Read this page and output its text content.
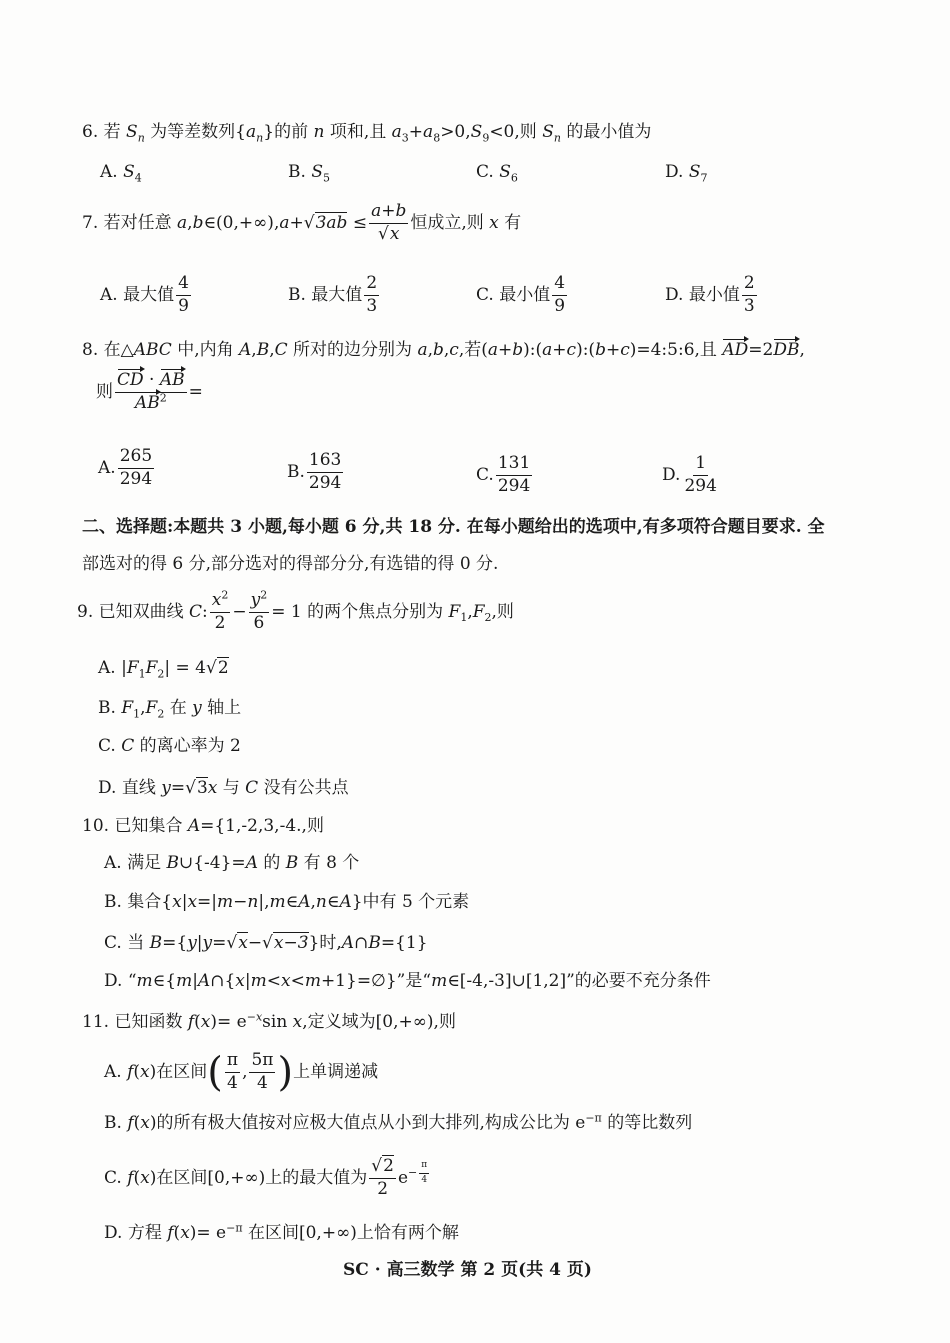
6. 若 $S_n$ 为等差数列$\{a_n\}$的前 n 项和,且 $a_3+a_8>0,S_9<0$,则 $S_n$ 的最小值为
A. $S_4$	B. $S_5$	C. $S_6$	D. $S_7$
7. 若对任意 a,b∈(0,+∞),a+√3ab ≤ $\frac{a+b}{√x}$ 恒成立,则 x 有
A. 最大值 $\frac{4}{9}$	B. 最大值 $\frac{2}{3}$	C. 最小值 $\frac{4}{9}$	D. 最小值 $\frac{2}{3}$
8. 在△ABC 中,内角 A,B,C 所对的边分别为 a,b,c,若(a+b):(a+c):(b+c)=4:5:6,且 AD=2DB,
则 $\frac{CD \cdot AB}{AB^2}$ =
A. $\frac{265}{294}$	B. $\frac{163}{294}$	C. $\frac{131}{294}$	D. $\frac{1}{294}$
二、选择题:本题共 3 小题,每小题 6 分,共 18 分. 在每小题给出的选项中,有多项符合题目要求. 全
部选对的得 6 分,部分选对的得部分分,有选错的得 0 分.
9. 已知双曲线 C: $\frac{x^2}{2} - \frac{y^2}{6} = 1$ 的两个焦点分别为 $F_1,F_2$,则
A. $|F_1F_2| = 4√2$
B. $F_1,F_2$ 在 y 轴上
C. C 的离心率为 2
D. 直线 y=√3x 与 C 没有公共点
10. 已知集合 A={1,-2,3,-4.,则
A. 满足 B∪{-4}=A 的 B 有 8 个
B. 集合{x|x=|m−n|,m∈A,n∈A}中有 5 个元素
C. 当 B={y|y=√x−√x−3}时,A∩B={1}
D. “m∈{m|A∩{x|m<x<m+1}=∅}”是“m∈[-4,-3]∪[1,2]”的必要不充分条件
11. 已知函数 $f(x)= e^{-x}\sin$ x,定义域为[0,+∞),则
A. f(x)在区间( $\frac{\pi}{4}$ , $\frac{5\pi}{4}$ )上单调递减
B. f(x)的所有极大值按对应极大值点从小到大排列,构成公比为 $e^{-\pi}$ 的等比数列
C. f(x)在区间[0,+∞)上的最大值为 $\frac{√2}{2} e^{- \frac{\pi}{4}}$
D. 方程 $f(x)= e^{-\pi}$ 在区间[0,+∞)上恰有两个解
SC · 高三数学 第 2 页(共 4 页)
